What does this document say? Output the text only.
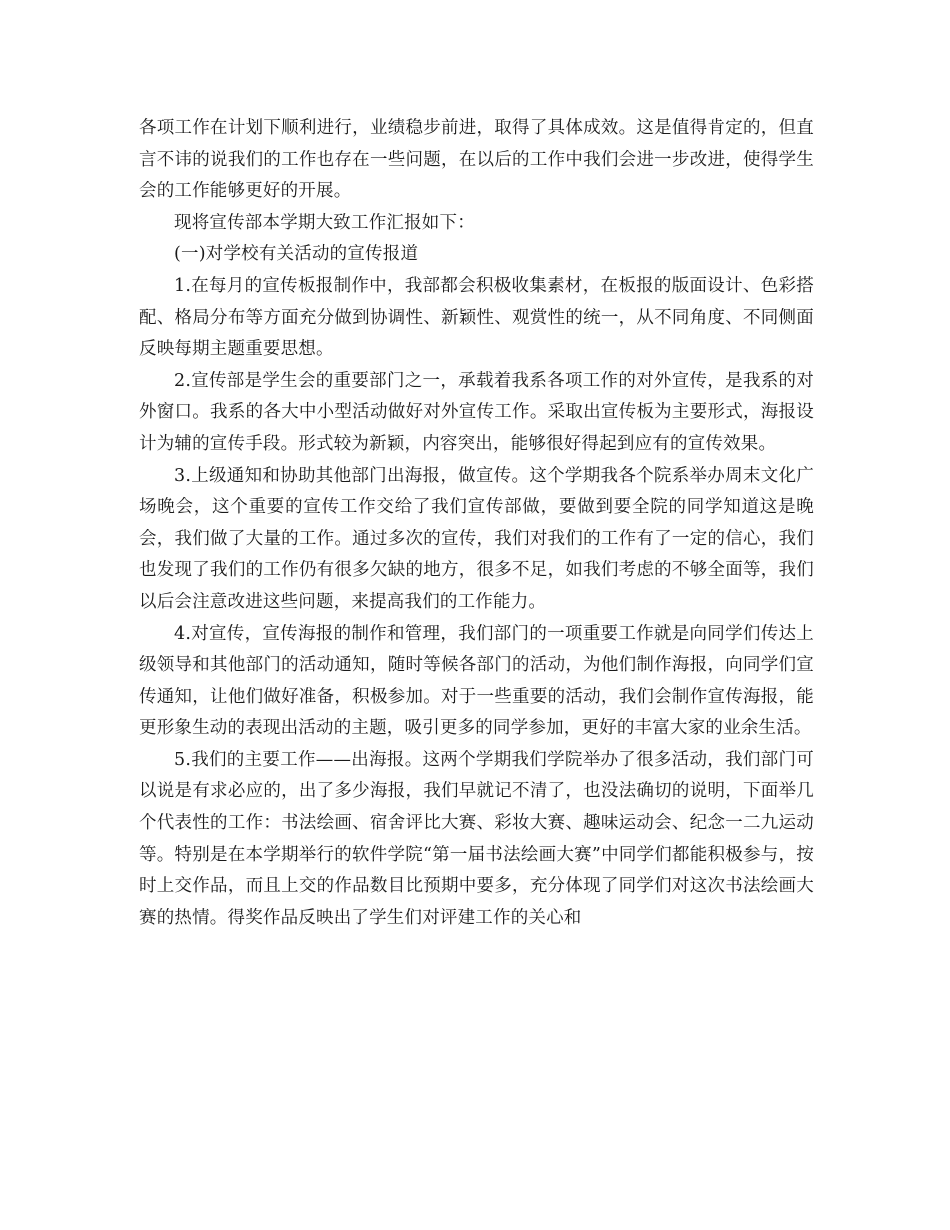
各项工作在计划下顺利进行，业绩稳步前进，取得了具体成效。这是值得肯定的，但直言不讳的说我们的工作也存在一些问题，在以后的工作中我们会进一步改进，使得学生会的工作能够更好的开展。

现将宣传部本学期大致工作汇报如下：

(一)对学校有关活动的宣传报道

1.在每月的宣传板报制作中，我部都会积极收集素材，在板报的版面设计、色彩搭配、格局分布等方面充分做到协调性、新颖性、观赏性的统一，从不同角度、不同侧面反映每期主题重要思想。

2.宣传部是学生会的重要部门之一，承载着我系各项工作的对外宣传，是我系的对外窗口。我系的各大中小型活动做好对外宣传工作。采取出宣传板为主要形式，海报设计为辅的宣传手段。形式较为新颖，内容突出，能够很好得起到应有的宣传效果。

3.上级通知和协助其他部门出海报，做宣传。这个学期我各个院系举办周末文化广场晚会，这个重要的宣传工作交给了我们宣传部做，要做到要全院的同学知道这是晚会，我们做了大量的工作。通过多次的宣传，我们对我们的工作有了一定的信心，我们也发现了我们的工作仍有很多欠缺的地方，很多不足，如我们考虑的不够全面等，我们以后会注意改进这些问题，来提高我们的工作能力。

4.对宣传，宣传海报的制作和管理，我们部门的一项重要工作就是向同学们传达上级领导和其他部门的活动通知，随时等候各部门的活动，为他们制作海报，向同学们宣传通知，让他们做好准备，积极参加。对于一些重要的活动，我们会制作宣传海报，能更形象生动的表现出活动的主题，吸引更多的同学参加，更好的丰富大家的业余生活。

5.我们的主要工作——出海报。这两个学期我们学院举办了很多活动，我们部门可以说是有求必应的，出了多少海报，我们早就记不清了，也没法确切的说明，下面举几个代表性的工作：书法绘画、宿舍评比大赛、彩妆大赛、趣味运动会、纪念一二九运动等。特别是在本学期举行的软件学院“第一届书法绘画大赛”中同学们都能积极参与，按时上交作品，而且上交的作品数目比预期中要多，充分体现了同学们对这次书法绘画大赛的热情。得奖作品反映出了学生们对评建工作的关心和
